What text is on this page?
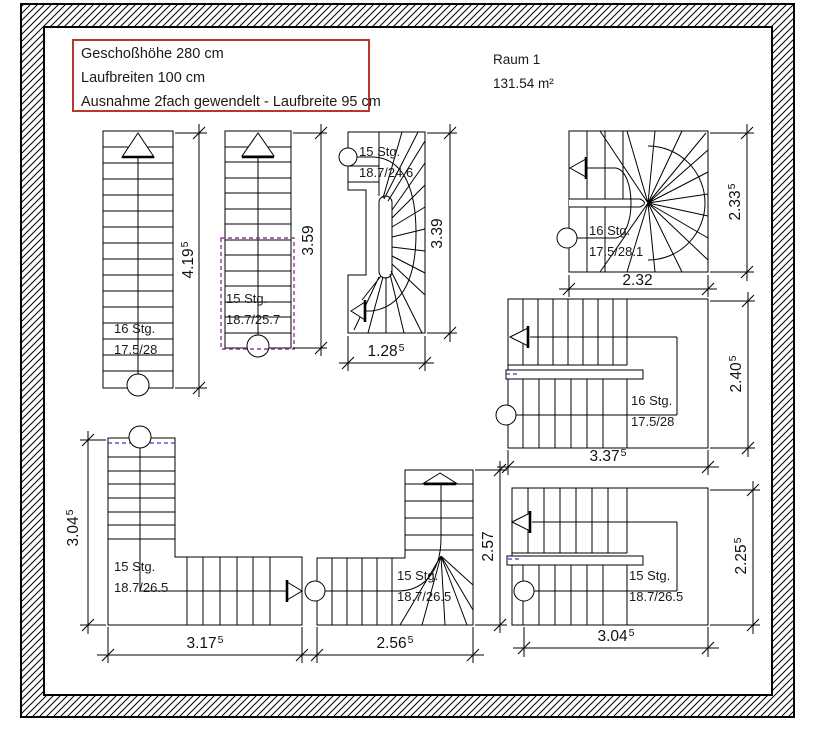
Geschoßhöhe 280 cm
Laufbreiten 100 cm
Ausnahme 2fach gewendelt - Laufbreite 95 cm
Raum 1
131.54 m²
16 Stg.
17.5/28
15 Stg.
18.7/25.7
15 Stg.
18.7/24.6
16 Stg.
17.5/28.1
16 Stg.
17.5/28
15 Stg.
18.7/26.5
15 Stg.
18.7/26.5
15 Stg.
18.7/26.5
4.19$^5$	3.59	3.39
2.33$^5$
2.40$^5$
2.25$^5$
3.04$^5$
2.57
1.28$^5$
2.32
3.37$^5$
3.04$^5$
3.17$^5$	2.56$^5$
